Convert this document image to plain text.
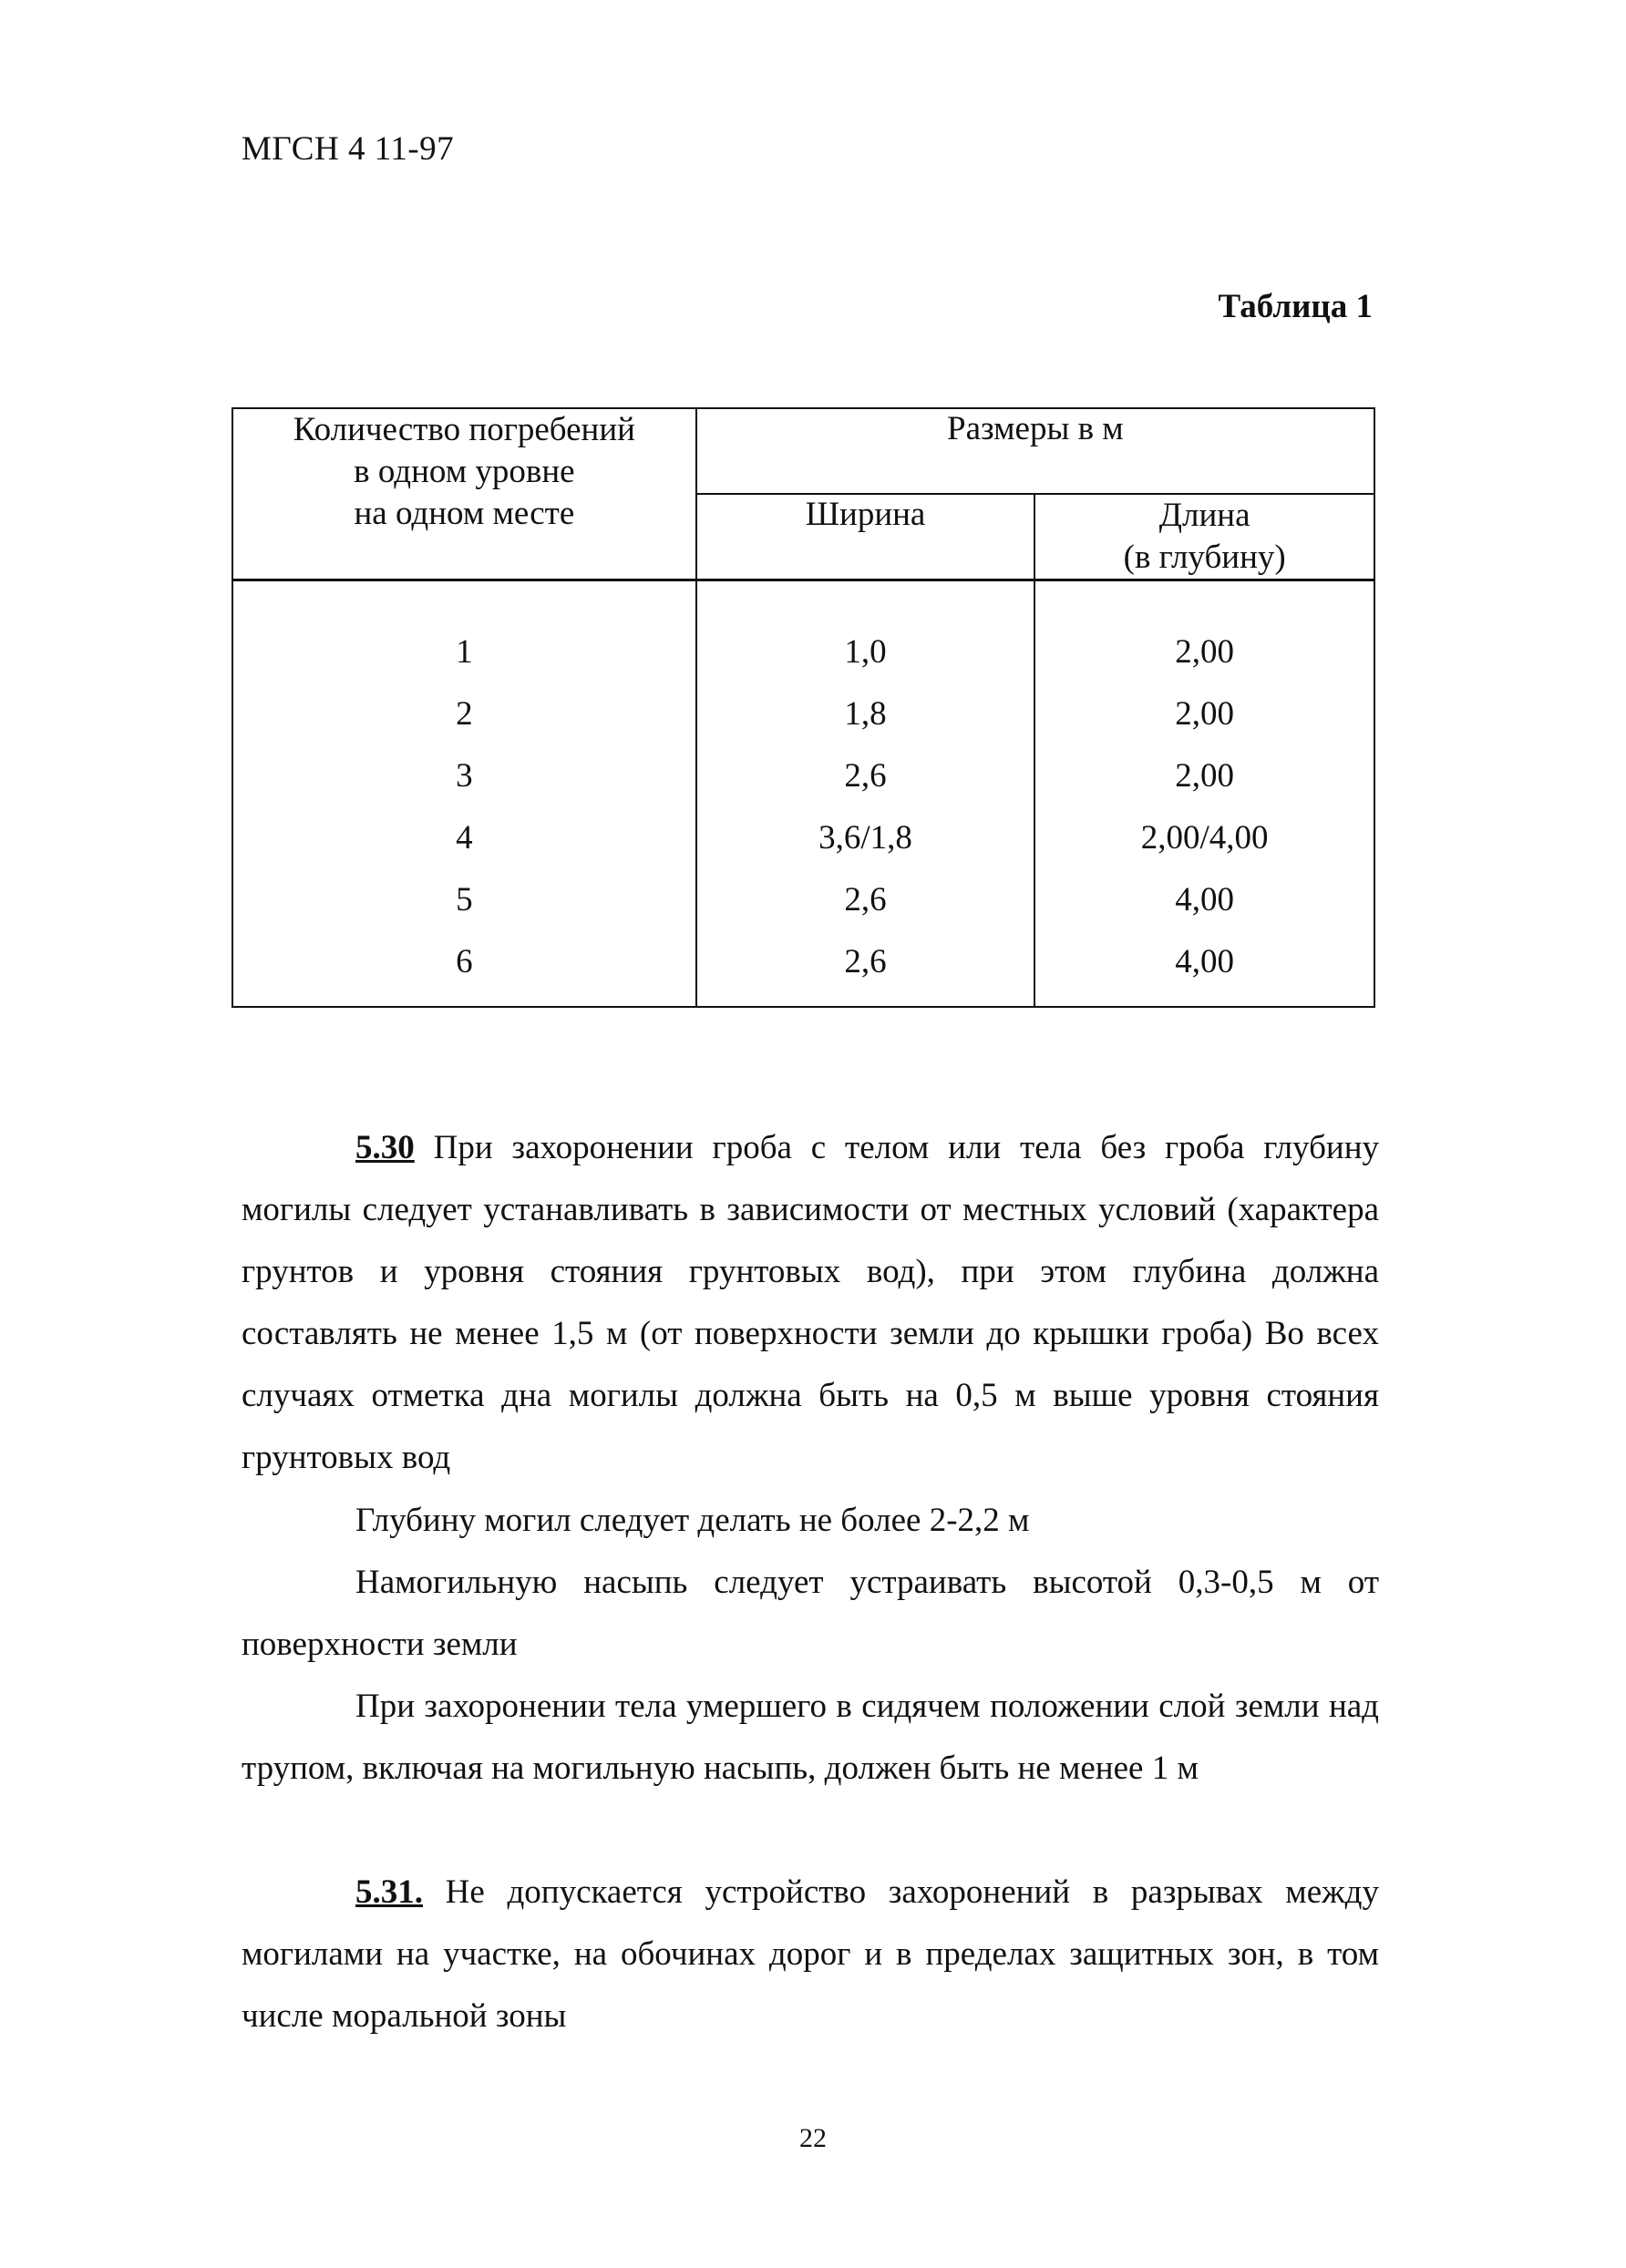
МГСН 4 11-97
Таблица 1
Количество погребений
в одном уровне
на одном месте	Размеры в м	
	Ширина	Длина
(в глубину)

1	1,0	2,00
2	1,8	2,00
3	2,6	2,00
4	3,6/1,8	2,00/4,00
5	2,6	4,00
6	2,6	4,00

5.30 При захоронении гроба с телом или тела без гроба глубину могилы следует устанавливать в зависимости от местных условий (характера грунтов и уровня стояния грунтовых вод), при этом глубина должна составлять не менее 1,5 м (от поверхности земли до крышки гроба) Во всех случаях отметка дна могилы должна быть на 0,5 м выше уровня стояния грунтовых вод

Глубину могил следует делать не более 2-2,2 м

Намогильную насыпь следует устраивать высотой 0,3-0,5 м от поверхности земли

При захоронении тела умершего в сидячем положении слой земли над трупом, включая на могильную насыпь, должен быть не менее 1 м

5.31. Не допускается устройство захоронений в разрывах между могилами на участке, на обочинах дорог и в пределах защитных зон, в том числе моральной зоны

22
